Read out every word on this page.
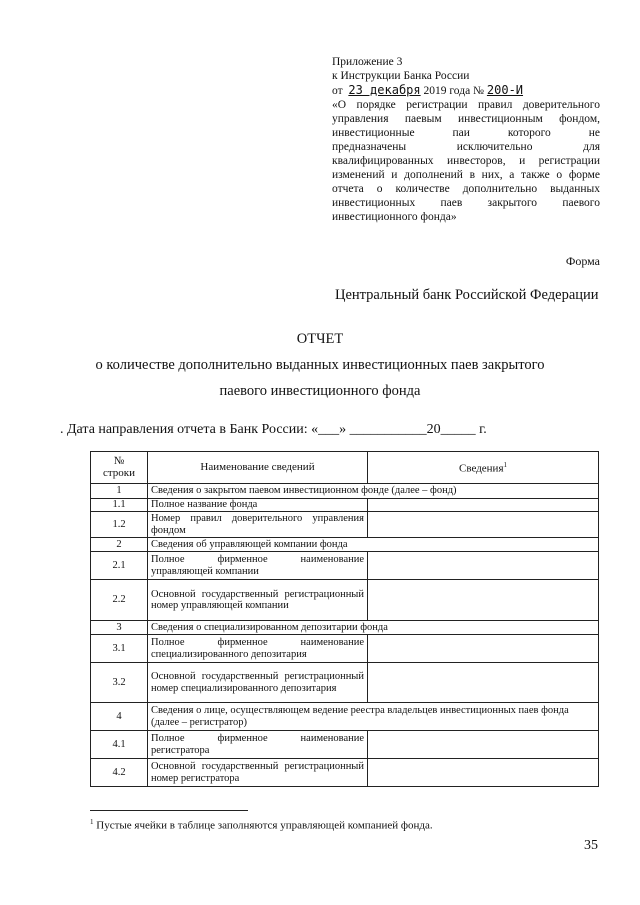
Приложение 3
к Инструкции Банка России
от 23 декабря 2019 года № 200-И
«О порядке регистрации правил доверительного
управления паевым инвестиционным фондом,
инвестиционные паи которого не
предназначены исключительно для
квалифицированных инвесторов, и регистрации
изменений и дополнений в них, а также о форме
отчета о количестве дополнительно выданных
инвестиционных паев закрытого паевого
инвестиционного фонда»
Форма
Центральный банк Российской Федерации
ОТЧЕТ
о количестве дополнительно выданных инвестиционных паев закрытого
паевого инвестиционного фонда
. Дата направления отчета в Банк России: «___» ___________20_____ г.
№
строки	Наименование сведений	Сведения$^1$
1	Сведения о закрытом паевом инвестиционном фонде (далее – фонд)	
1.1	Полное название фонда	
1.2	Номер правил доверительного управления фондом	
2	Сведения об управляющей компании фонда	
2.1	Полное фирменное наименование управляющей компании	
2.2	Основной государственный регистрационный номер управляющей компании	
3	Сведения о специализированном депозитарии фонда	
3.1	Полное фирменное наименование специализированного депозитария	
3.2	Основной государственный регистрационный номер специализированного депозитария	
4	Сведения о лице, осуществляющем ведение реестра владельцев инвестиционных паев фонда (далее – регистратор)	
4.1	Полное фирменное наименование регистратора	
4.2	Основной государственный регистрационный номер регистратора	
$^1$ Пустые ячейки в таблице заполняются управляющей компанией фонда.
35
